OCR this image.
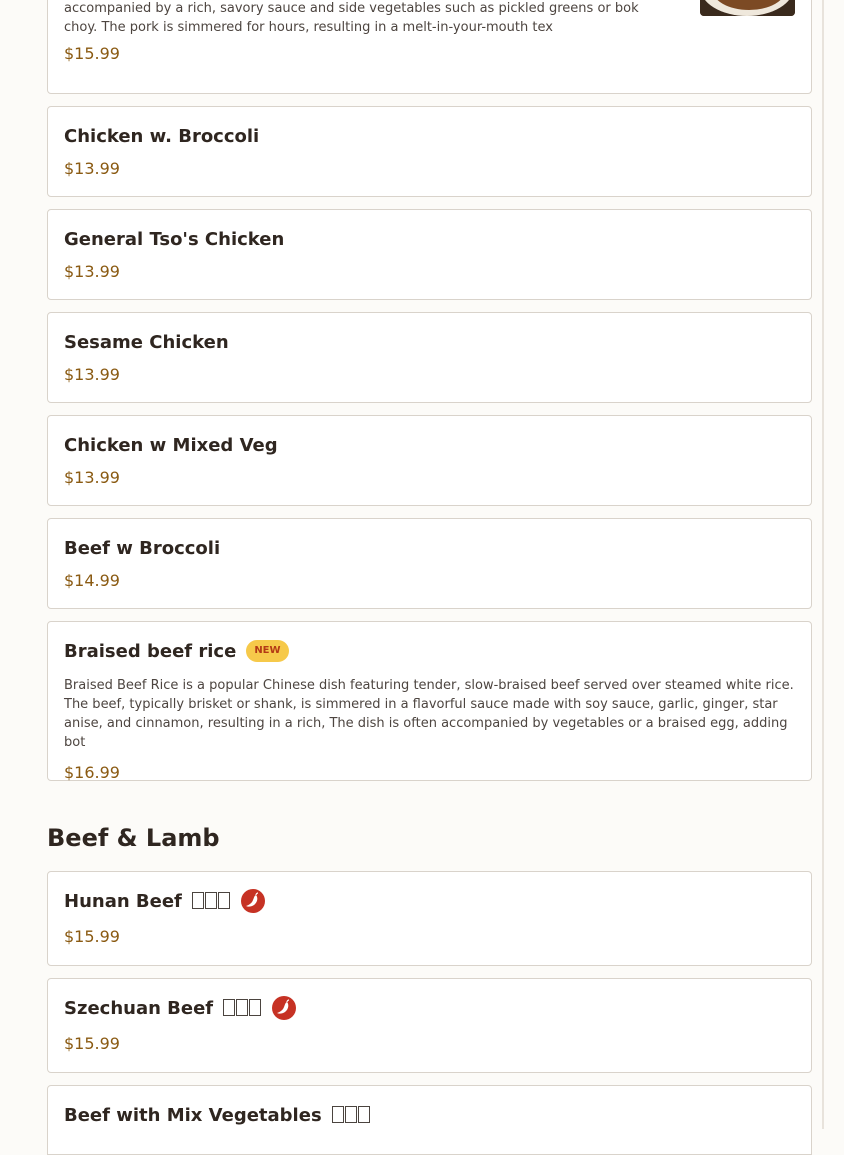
accompanied by a rich, savory sauce and side vegetables such as pickled greens or bok choy. The pork is simmered for hours, resulting in a melt-in-your-mouth tex
$15.99
Chicken w. Broccoli
$13.99
General Tso's Chicken
$13.99
Sesame Chicken
$13.99
Chicken w Mixed Veg
$13.99
Beef w Broccoli
$14.99
Braised beef rice	NEW
Braised Beef Rice is a popular Chinese dish featuring tender, slow-braised beef served over steamed white rice. The beef, typically brisket or shank, is simmered in a flavorful sauce made with soy sauce, garlic, ginger, star anise, and cinnamon, resulting in a rich, The dish is often accompanied by vegetables or a braised egg, adding bot
$16.99
Beef & Lamb
Hunan Beef
$15.99
Szechuan Beef
$15.99
Beef with Mix Vegetables
